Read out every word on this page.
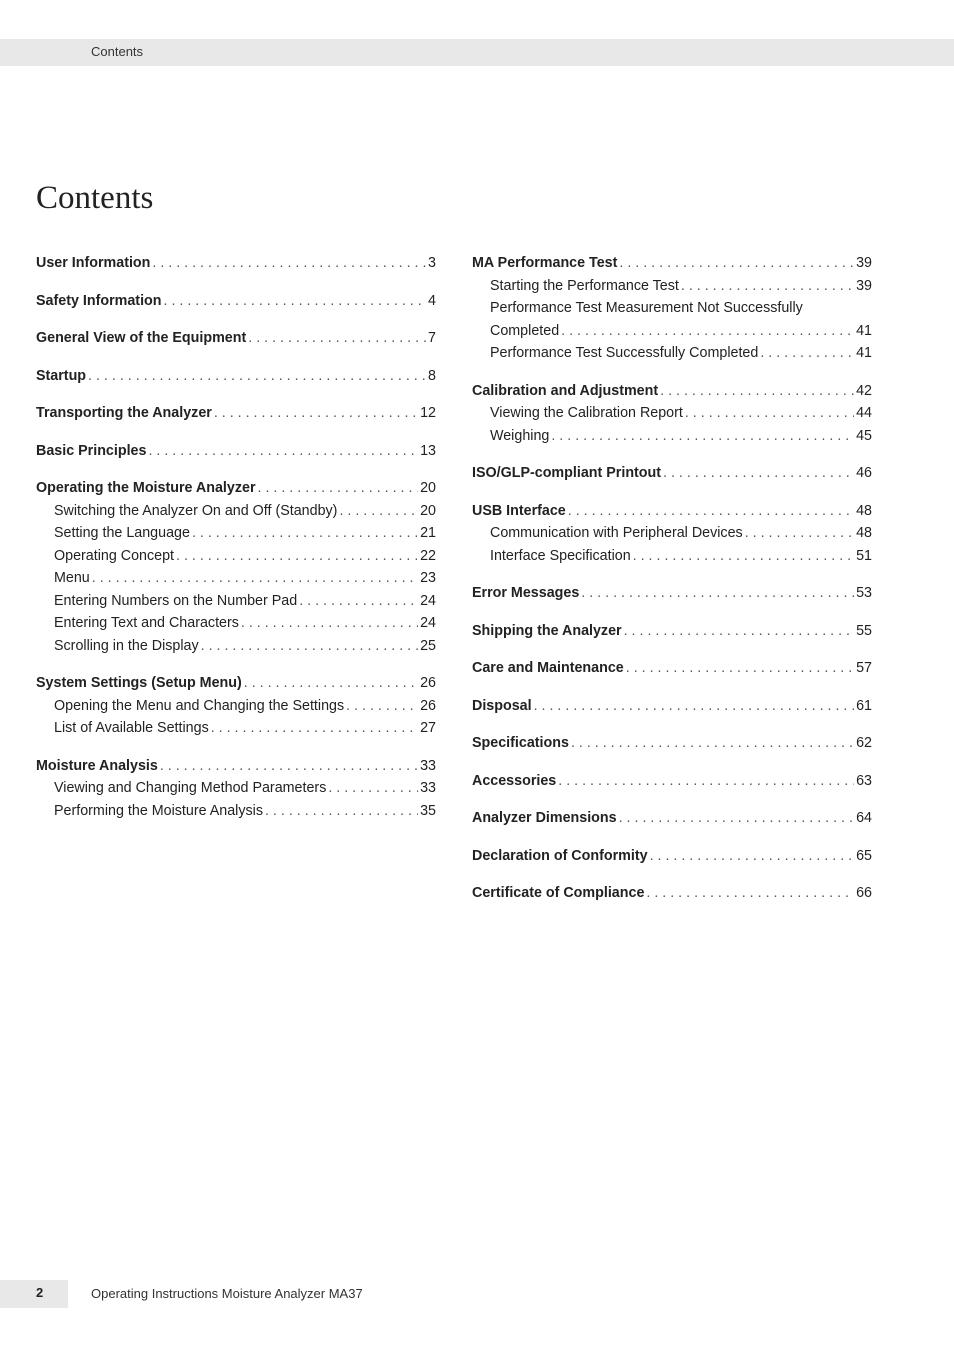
Contents
Contents
User Information . . .	3
Safety Information . . .	4
General View of the Equipment . . .	7
Startup . . .	8
Transporting the Analyzer . . .	12
Basic Principles . . .	13
Operating the Moisture Analyzer . . .	20
Switching the Analyzer On and Off (Standby) . . .	20
Setting the Language . . .	21
Operating Concept . . .	22
Menu . . .	23
Entering Numbers on the Number Pad . . .	24
Entering Text and Characters . . .	24
Scrolling in the Display . . .	25
System Settings (Setup Menu) . . .	26
Opening the Menu and Changing the Settings . . .	26
List of Available Settings . . .	27
Moisture Analysis . . .	33
Viewing and Changing Method Parameters . . .	33
Performing the Moisture Analysis . . .	35
MA Performance Test . . .	39
Starting the Performance Test . . .	39
Performance Test Measurement Not Successfully
Completed . . .	41
Performance Test Successfully Completed . . .	41
Calibration and Adjustment . . .	42
Viewing the Calibration Report . . .	44
Weighing . . .	45
ISO/GLP-compliant Printout . . .	46
USB Interface . . .	48
Communication with Peripheral Devices . . .	48
Interface Specification . . .	51
Error Messages . . .	53
Shipping the Analyzer . . .	55
Care and Maintenance . . .	57
Disposal . . .	61
Specifications . . .	62
Accessories . . .	63
Analyzer Dimensions . . .	64
Declaration of Conformity . . .	65
Certificate of Compliance . . .	66
2	Operating Instructions Moisture Analyzer MA37
